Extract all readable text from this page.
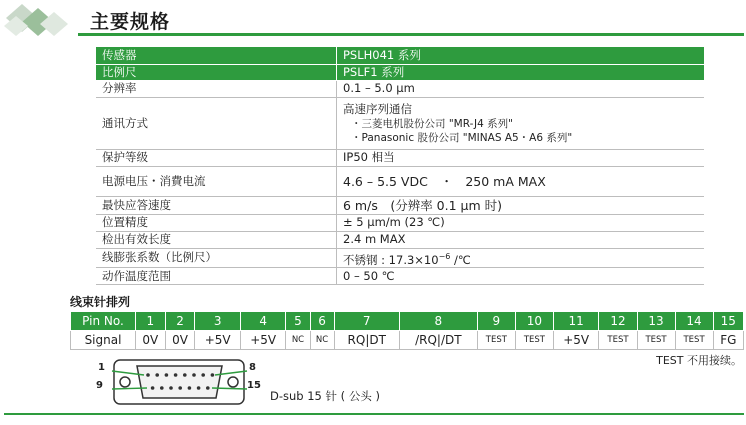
主要规格
传感器	PSLH041 系列
比例尺	PSLF1 系列
分辨率	0.1 – 5.0 μm
通讯方式	高速序列通信
・三菱电机股份公司 "MR-J4 系列"
・Panasonic 股份公司 "MINAS A5・A6 系列"

保护等级	IP50 相当
电源电压・消費电流	4.6 – 5.5 VDC　・　250 mA MAX
最快应答速度	6 m/s　(分辨率 0.1 μm 时)
位置精度	± 5 μm/m (23 ℃)
检出有效长度	2.4 m MAX
线膨张系数（比例尺）	不锈钢 : $17.3\times 10^{-6}$ /℃
动作温度范围	0 – 50 ℃
线束针排列
Pin No.	1	2	3	4	5	6	7	8	9	10	11	12	13	14	15
Signal	0V	0V	+5V	+5V	NC	NC	RQ|DT	/RQ|/DT	TEST	TEST	+5V	TEST	TEST	TEST	FG
TEST 不用接续。
1
9
8
15
D-sub 15 针 ( 公头 )
